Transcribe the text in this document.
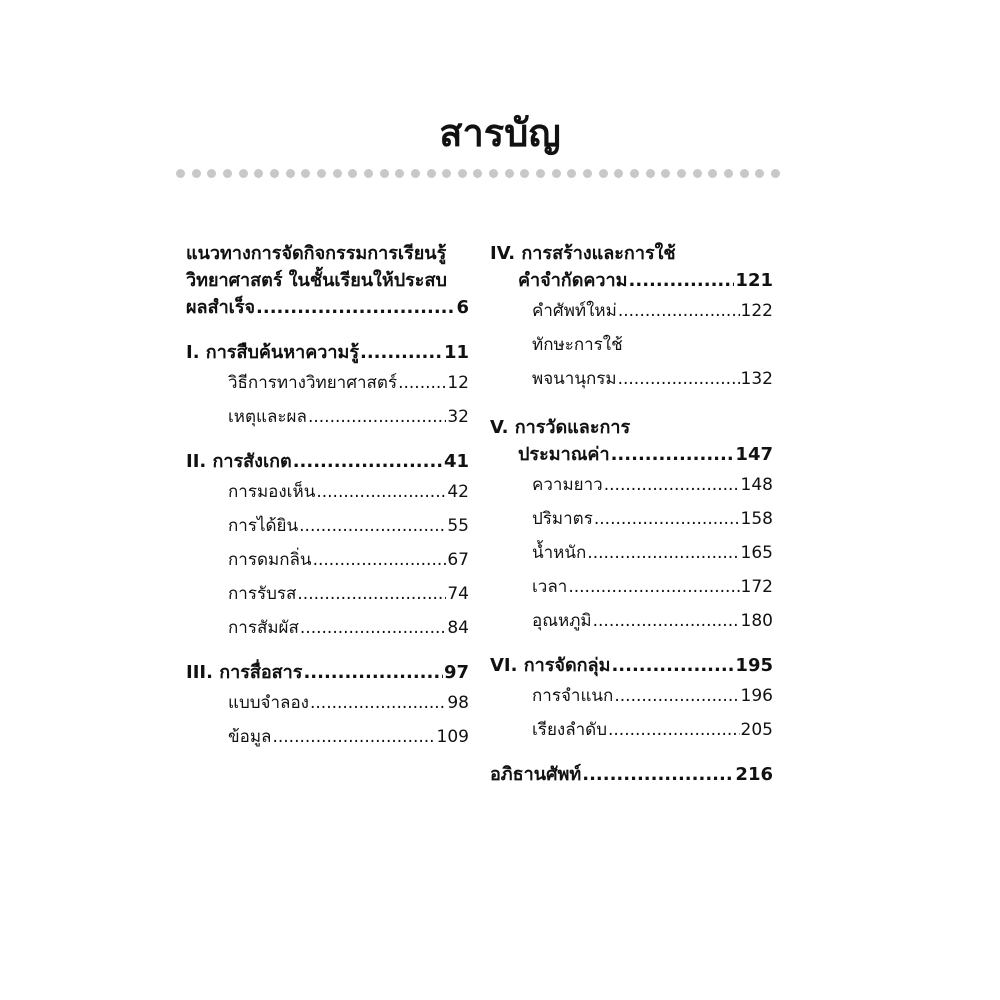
สารบัญ
แนวทางการจัดกิจกรรมการเรียนรู้
วิทยาศาสตร์ ในชั้นเรียนให้ประสบ
ผลสำเร็จ .....	6
I. การสืบค้นหาความรู้ .....	11
วิธีการทางวิทยาศาสตร์ .....	12
เหตุและผล .....	32
II. การสังเกต .....	41
การมองเห็น .....	42
การได้ยิน .....	55
การดมกลิ่น .....	67
การรับรส .....	74
การสัมผัส .....	84
III. การสื่อสาร .....	97
แบบจำลอง .....	98
ข้อมูล .....	109
IV. การสร้างและการใช้
คำจำกัดความ .....	121
คำศัพท์ใหม่ .....	122
ทักษะการใช้
พจนานุกรม .....	132
V. การวัดและการ
ประมาณค่า .....	147
ความยาว .....	148
ปริมาตร .....	158
น้ำหนัก .....	165
เวลา .....	172
อุณหภูมิ .....	180
VI. การจัดกลุ่ม .....	195
การจำแนก .....	196
เรียงลำดับ .....	205
อภิธานศัพท์ .....	216
